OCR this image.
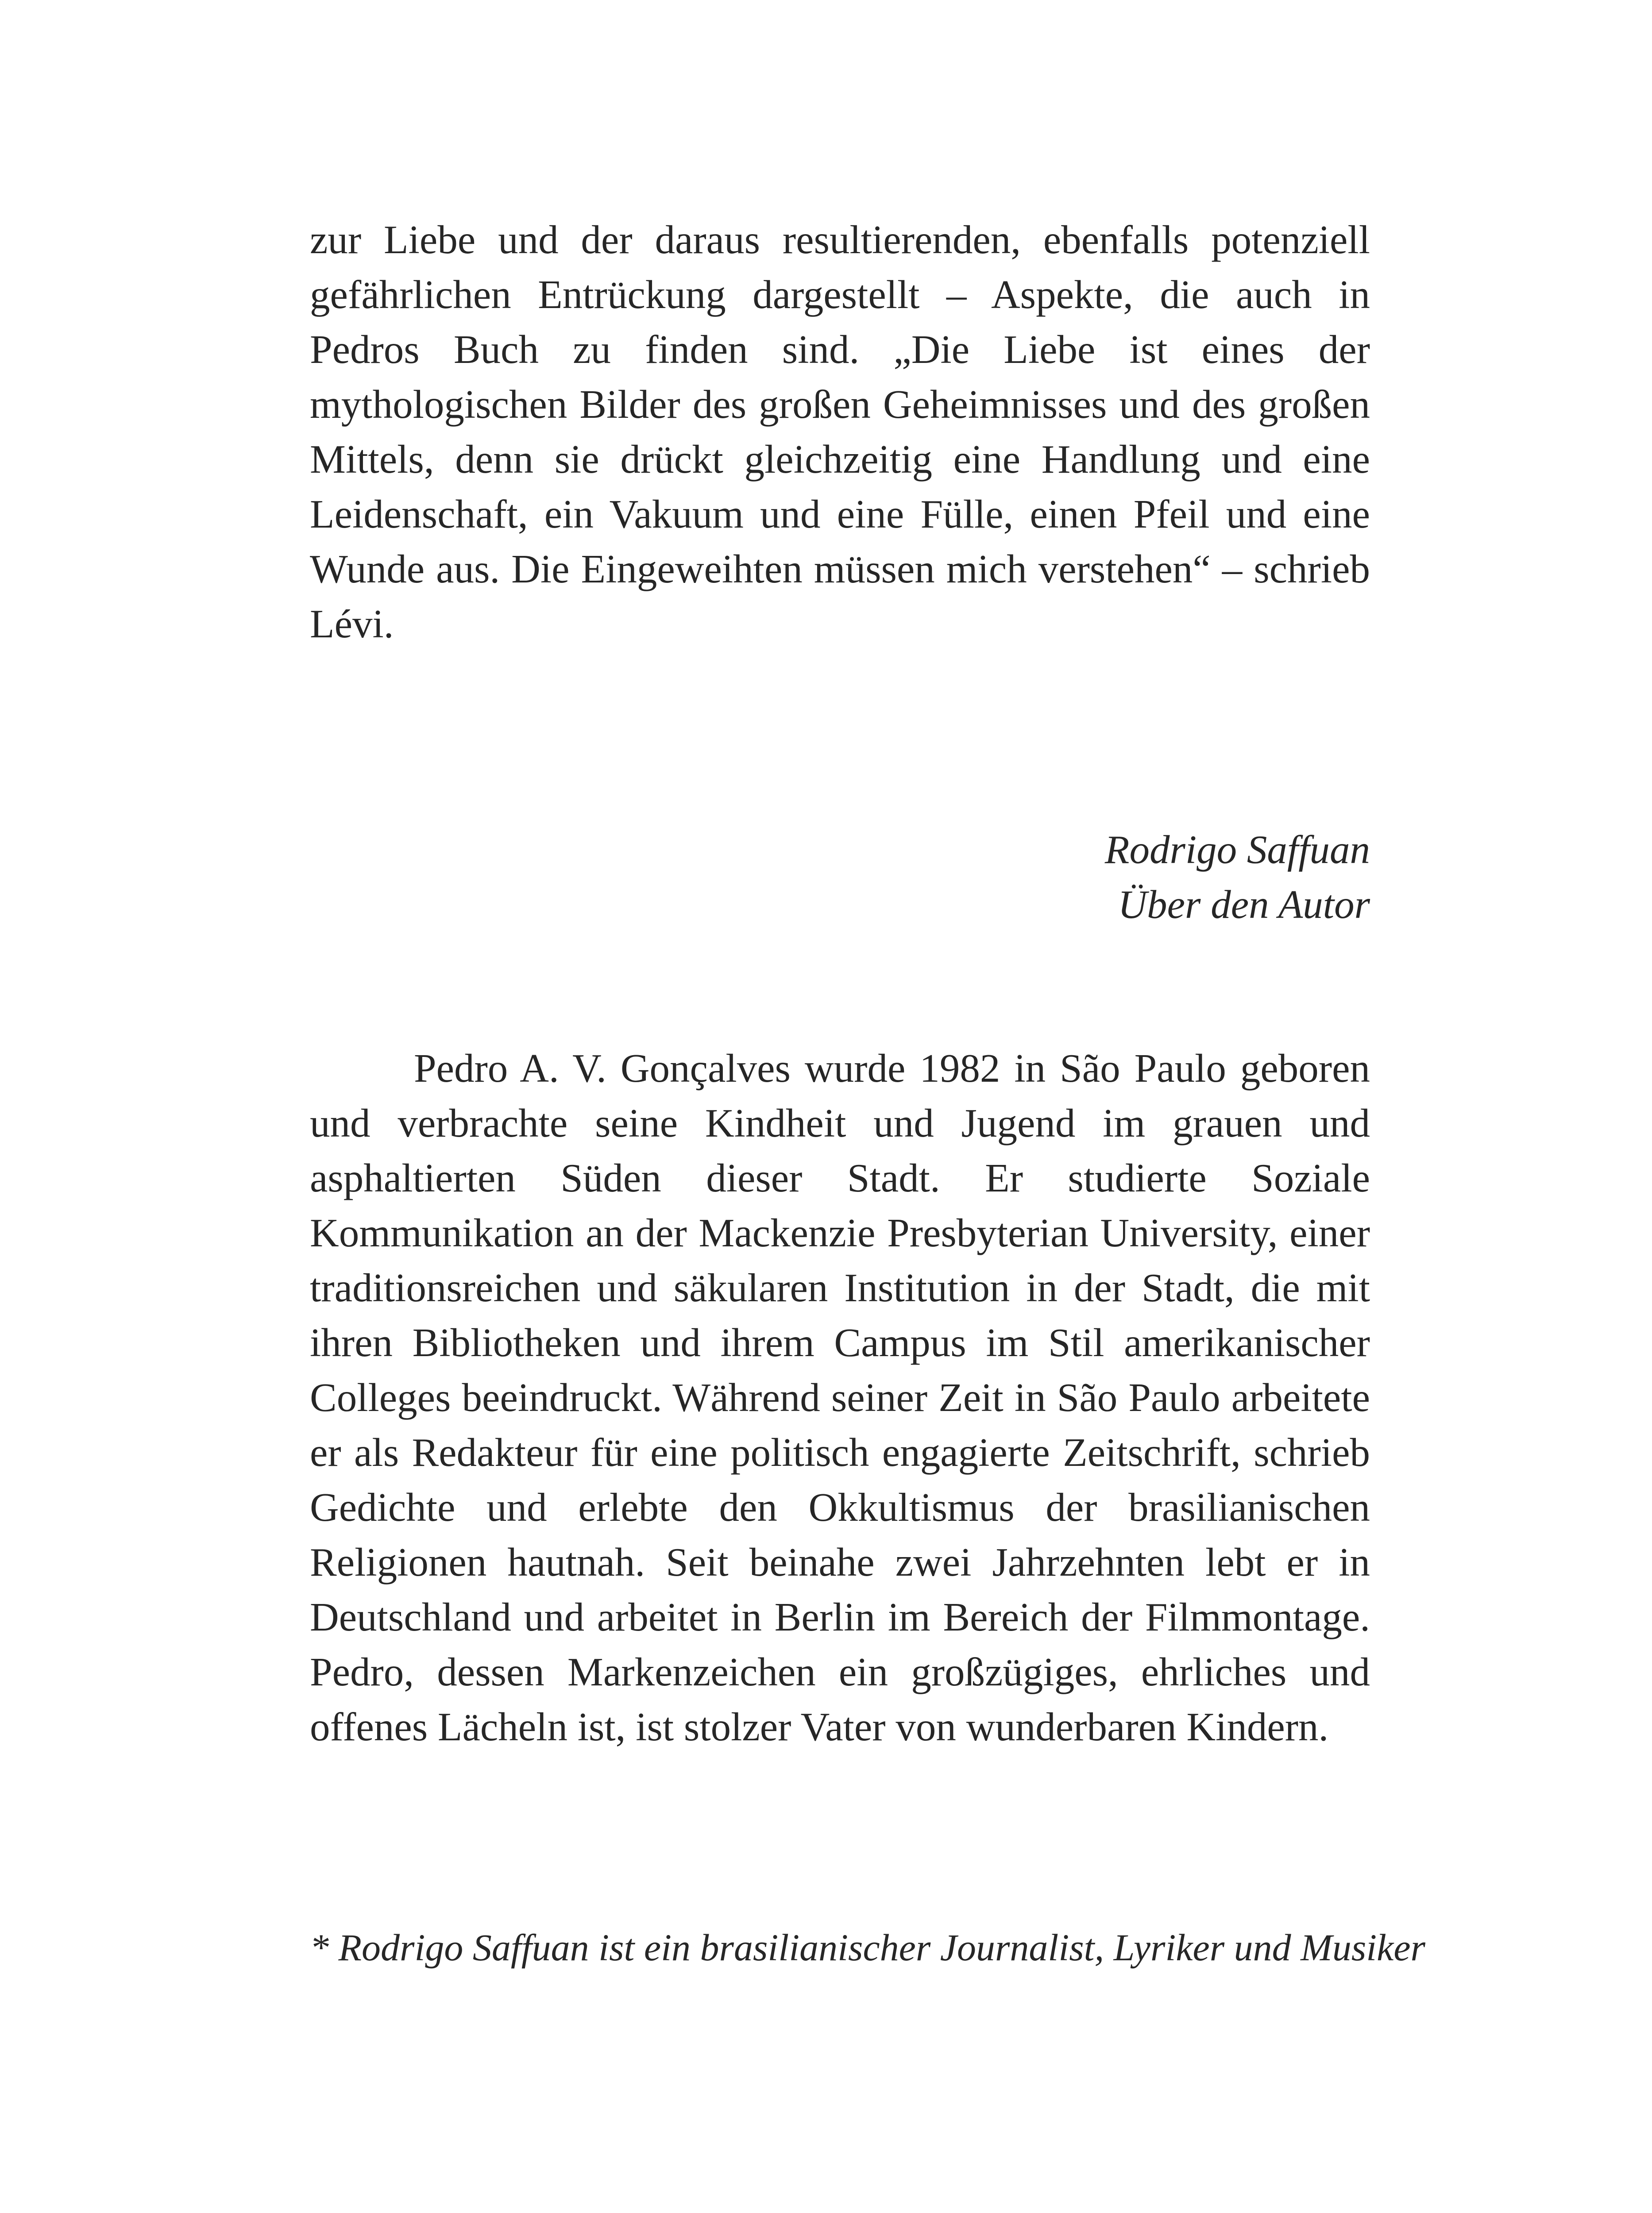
zur Liebe und der daraus resultierenden, ebenfalls potenziell gefährlichen Entrückung dargestellt – Aspekte, die auch in Pedros Buch zu finden sind. „Die Liebe ist eines der mythologischen Bilder des großen Geheimnisses und des großen Mittels, denn sie drückt gleichzeitig eine Handlung und eine Leidenschaft, ein Vakuum und eine Fülle, einen Pfeil und eine Wunde aus. Die Eingeweihten müssen mich verstehen“ – schrieb Lévi.

Rodrigo Saffuan
Über den Autor

Pedro A. V. Gonçalves wurde 1982 in São Paulo geboren und verbrachte seine Kindheit und Jugend im grauen und asphaltierten Süden dieser Stadt. Er studierte Soziale Kommunikation an der Mackenzie Presbyterian University, einer traditionsreichen und säkularen Institution in der Stadt, die mit ihren Bibliotheken und ihrem Campus im Stil amerikanischer Colleges beeindruckt. Während seiner Zeit in São Paulo arbeitete er als Redakteur für eine politisch engagierte Zeitschrift, schrieb Gedichte und erlebte den Okkultismus der brasilianischen Religionen hautnah. Seit beinahe zwei Jahrzehnten lebt er in Deutschland und arbeitet in Berlin im Bereich der Filmmontage. Pedro, dessen Markenzeichen ein großzügiges, ehrliches und offenes Lächeln ist, ist stolzer Vater von wunderbaren Kindern.

* Rodrigo Saffuan ist ein brasilianischer Journalist, Lyriker und Musiker
